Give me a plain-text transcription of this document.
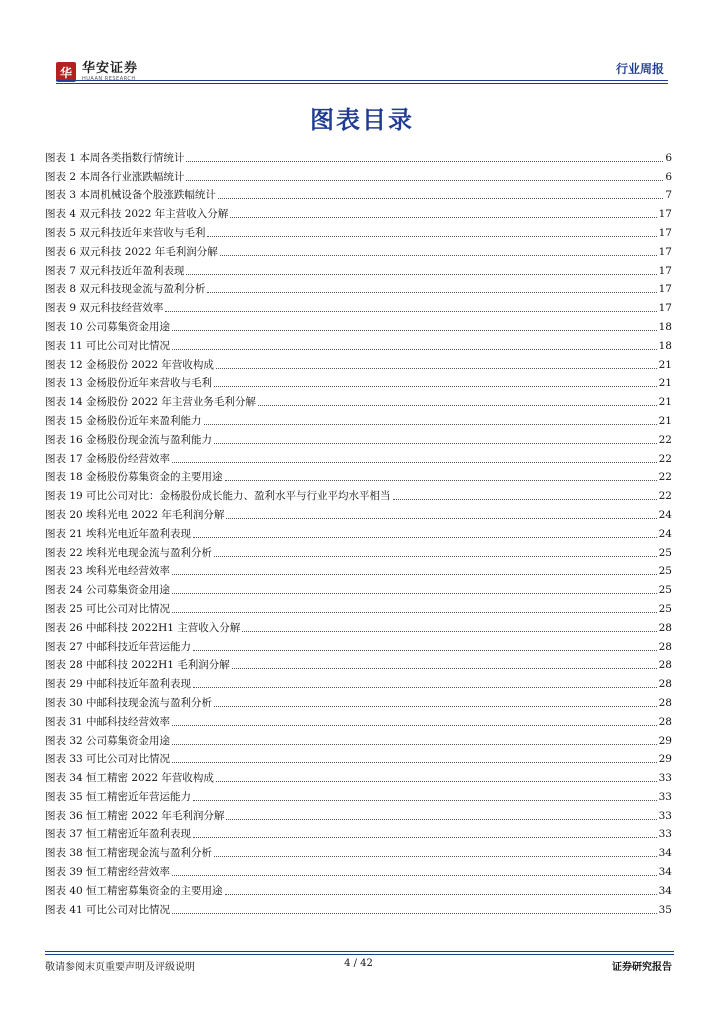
华 华安证券
HUAAN RESEARCH
行业周报
图表目录
图表 1 本周各类指数行情统计	6
图表 2 本周各行业涨跌幅统计	6
图表 3 本周机械设备个股涨跌幅统计	7
图表 4 双元科技 2022 年主营收入分解	17
图表 5 双元科技近年来营收与毛利	17
图表 6 双元科技 2022 年毛利润分解	17
图表 7 双元科技近年盈利表现	17
图表 8 双元科技现金流与盈利分析	17
图表 9 双元科技经营效率	17
图表 10 公司募集资金用途	18
图表 11 可比公司对比情况	18
图表 12 金杨股份 2022 年营收构成	21
图表 13 金杨股份近年来营收与毛利	21
图表 14 金杨股份 2022 年主营业务毛利分解	21
图表 15 金杨股份近年来盈利能力	21
图表 16 金杨股份现金流与盈利能力	22
图表 17 金杨股份经营效率	22
图表 18 金杨股份募集资金的主要用途	22
图表 19 可比公司对比：金杨股份成长能力、盈利水平与行业平均水平相当	22
图表 20 埃科光电 2022 年毛利润分解	24
图表 21 埃科光电近年盈利表现	24
图表 22 埃科光电现金流与盈利分析	25
图表 23 埃科光电经营效率	25
图表 24 公司募集资金用途	25
图表 25 可比公司对比情况	25
图表 26 中邮科技 2022H1 主营收入分解	28
图表 27 中邮科技近年营运能力	28
图表 28 中邮科技 2022H1 毛利润分解	28
图表 29 中邮科技近年盈利表现	28
图表 30 中邮科技现金流与盈利分析	28
图表 31 中邮科技经营效率	28
图表 32 公司募集资金用途	29
图表 33 可比公司对比情况	29
图表 34 恒工精密 2022 年营收构成	33
图表 35 恒工精密近年营运能力	33
图表 36 恒工精密 2022 年毛利润分解	33
图表 37 恒工精密近年盈利表现	33
图表 38 恒工精密现金流与盈利分析	34
图表 39 恒工精密经营效率	34
图表 40 恒工精密募集资金的主要用途	34
图表 41 可比公司对比情况	35
敬请参阅末页重要声明及评级说明	4 / 42	证券研究报告
